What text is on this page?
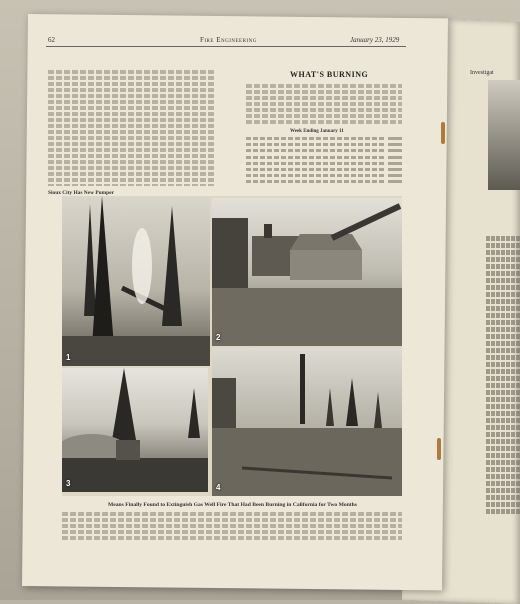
62	Fire Engineering	January 23, 1929
WHAT'S BURNING
Week Ending January 11
Sioux City Has New Pumper
1
2
3	4
Means Finally Found to Extinguish Gas Well Fire That Had Been Burning in California for Two Months
Investigat
